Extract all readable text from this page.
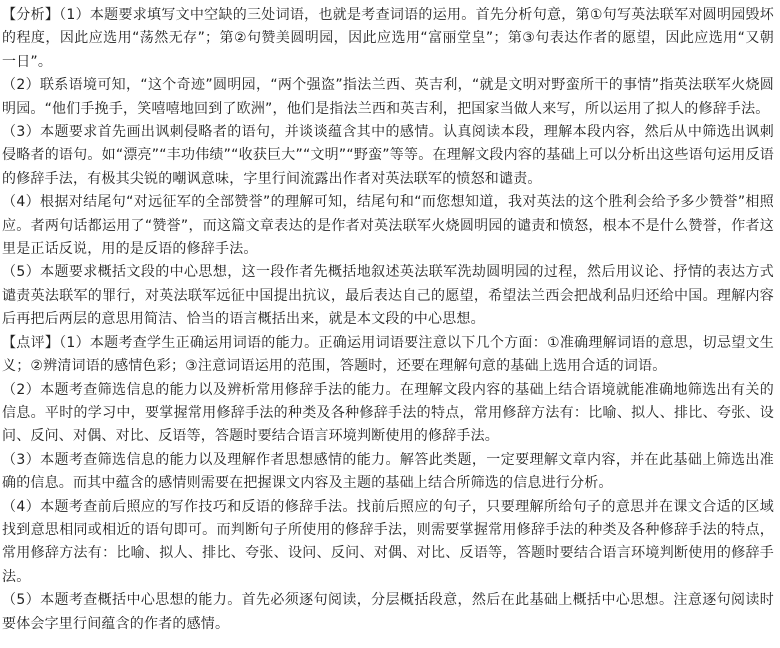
【分析】（1）本题要求填写文中空缺的三处词语，也就是考查词语的运用。首先分析句意，第①句写英法联军对圆明园毁坏的程度，因此应选用“荡然无存”；第②句赞美圆明园，因此应选用“富丽堂皇”；第③句表达作者的愿望，因此应选用“又朝一日”。

（2）联系语境可知，“这个奇迹”圆明园，“两个强盗”指法兰西、英吉利，“就是文明对野蛮所干的事情”指英法联军火烧圆明园。“他们手挽手，笑嘻嘻地回到了欧洲”，他们是指法兰西和英吉利，把国家当做人来写，所以运用了拟人的修辞手法。

（3）本题要求首先画出讽刺侵略者的语句，并谈谈蕴含其中的感情。认真阅读本段，理解本段内容，然后从中筛选出讽刺侵略者的语句。如“漂亮”“丰功伟绩”“收获巨大”“文明”“野蛮”等等。在理解文段内容的基础上可以分析出这些语句运用反语的修辞手法，有极其尖锐的嘲讽意味，字里行间流露出作者对英法联军的愤怒和谴责。

（4）根据对结尾句“对远征军的全部赞誉”的理解可知，结尾句和“而您想知道，我对英法的这个胜利会给予多少赞誉”相照应。者两句话都运用了“赞誉”，而这篇文章表达的是作者对英法联军火烧圆明园的谴责和愤怒，根本不是什么赞誉，作者这里是正话反说，用的是反语的修辞手法。

（5）本题要求概括文段的中心思想，这一段作者先概括地叙述英法联军洗劫圆明园的过程，然后用议论、抒情的表达方式谴责英法联军的罪行，对英法联军远征中国提出抗议，最后表达自己的愿望，希望法兰西会把战利品归还给中国。理解内容后再把后两层的意思用简洁、恰当的语言概括出来，就是本文段的中心思想。

【点评】（1）本题考查学生正确运用词语的能力。正确运用词语要注意以下几个方面：①准确理解词语的意思，切忌望文生义；②辨清词语的感情色彩；③注意词语运用的范围，答题时，还要在理解句意的基础上选用合适的词语。

（2）本题考查筛选信息的能力以及辨析常用修辞手法的能力。在理解文段内容的基础上结合语境就能准确地筛选出有关的信息。平时的学习中，要掌握常用修辞手法的种类及各种修辞手法的特点，常用修辞方法有：比喻、拟人、排比、夸张、设问、反问、对偶、对比、反语等，答题时要结合语言环境判断使用的修辞手法。

（3）本题考查筛选信息的能力以及理解作者思想感情的能力。解答此类题，一定要理解文章内容，并在此基础上筛选出准确的信息。而其中蕴含的感情则需要在把握课文内容及主题的基础上结合所筛选的信息进行分析。

（4）本题考查前后照应的写作技巧和反语的修辞手法。找前后照应的句子，只要理解所给句子的意思并在课文合适的区域找到意思相同或相近的语句即可。而判断句子所使用的修辞手法，则需要掌握常用修辞手法的种类及各种修辞手法的特点，常用修辞方法有：比喻、拟人、排比、夸张、设问、反问、对偶、对比、反语等，答题时要结合语言环境判断使用的修辞手法。

（5）本题考查概括中心思想的能力。首先必须逐句阅读，分层概括段意，然后在此基础上概括中心思想。注意逐句阅读时要体会字里行间蕴含的作者的感情。
